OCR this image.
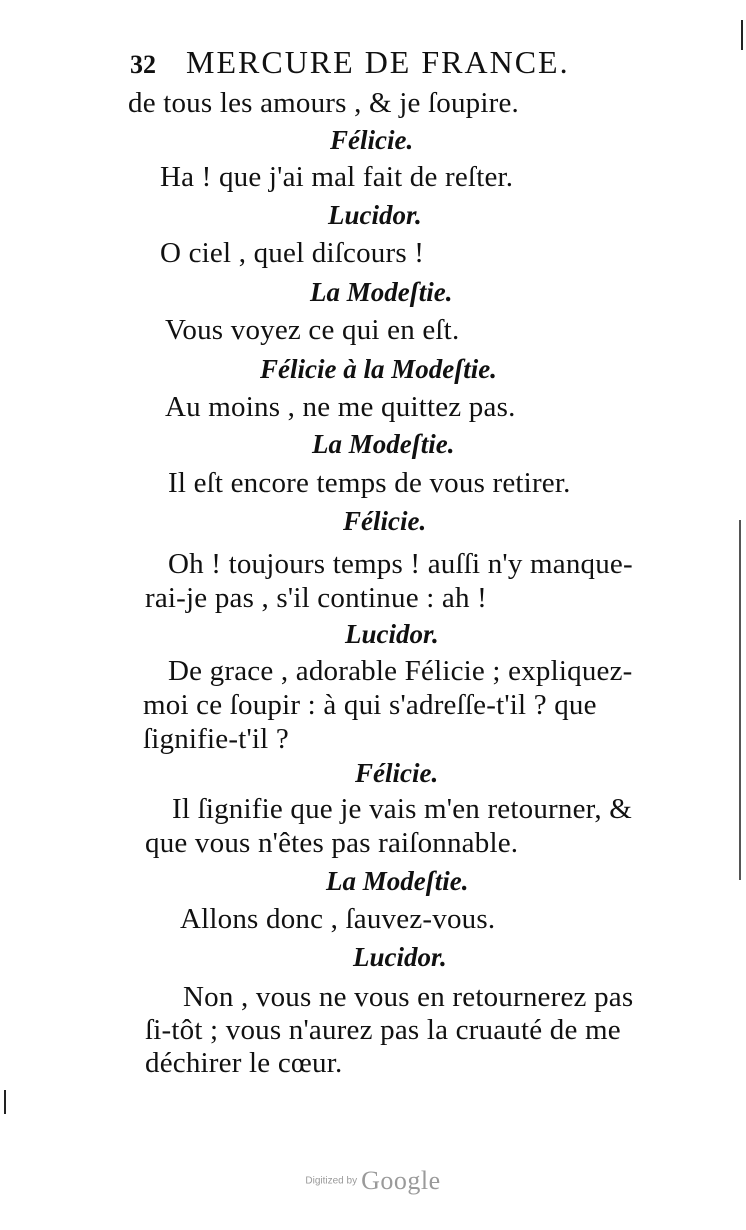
32 MERCURE DE FRANCE.
de tous les amours , & je ſoupire.
Félicie.
Ha ! que j'ai mal fait de reſter.
Lucidor.
O ciel , quel diſcours !
La Modeſtie.
Vous voyez ce qui en eſt.
Félicie à la Modeſtie.
Au moins , ne me quittez pas.
La Modeſtie.
Il eſt encore temps de vous retirer.
Félicie.
Oh ! toujours temps ! auſſi n'y manque-
rai-je pas , s'il continue : ah !
Lucidor.
De grace , adorable Félicie ; expliquez-
moi ce ſoupir : à qui s'adreſſe-t'il ? que
ſignifie-t'il ?
Félicie.
Il ſignifie que je vais m'en retourner, &
que vous n'êtes pas raiſonnable.
La Modeſtie.
Allons donc , ſauvez-vous.
Lucidor.
Non , vous ne vous en retournerez pas
ſi-tôt ; vous n'aurez pas la cruauté de me
déchirer le cœur.
Digitized by Google
